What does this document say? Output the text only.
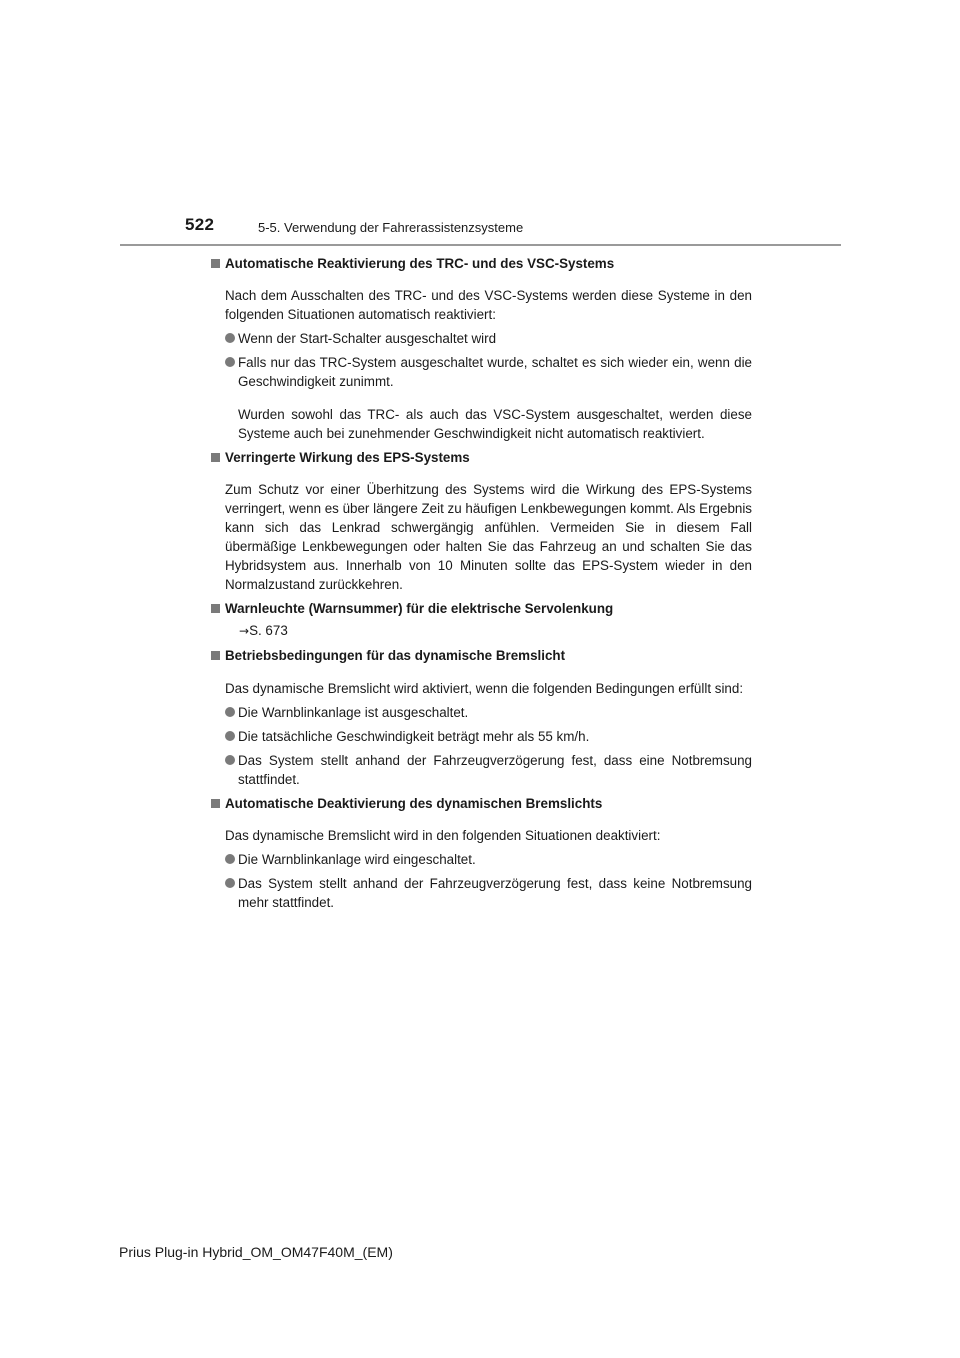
522	5-5. Verwendung der Fahrerassistenzsysteme
Automatische Reaktivierung des TRC- und des VSC-Systems

Nach dem Ausschalten des TRC- und des VSC-Systems werden diese Systeme in den folgenden Situationen automatisch reaktiviert:

Wenn der Start-Schalter ausgeschaltet wird
Falls nur das TRC-System ausgeschaltet wurde, schaltet es sich wieder ein, wenn die Geschwindigkeit zunimmt.

Wurden sowohl das TRC- als auch das VSC-System ausgeschaltet, werden diese Systeme auch bei zunehmender Geschwindigkeit nicht automatisch reaktiviert.

Verringerte Wirkung des EPS-Systems

Zum Schutz vor einer Überhitzung des Systems wird die Wirkung des EPS-Systems verringert, wenn es über längere Zeit zu häufigen Lenkbewegungen kommt. Als Ergebnis kann sich das Lenkrad schwergängig anfühlen. Vermeiden Sie in diesem Fall übermäßige Lenkbewegungen oder halten Sie das Fahrzeug an und schalten Sie das Hybridsystem aus. Innerhalb von 10 Minuten sollte das EPS-System wieder in den Normalzustand zurückkehren.

Warnleuchte (Warnsummer) für die elektrische Servolenkung
→S. 673
Betriebsbedingungen für das dynamische Bremslicht

Das dynamische Bremslicht wird aktiviert, wenn die folgenden Bedingungen erfüllt sind:

Die Warnblinkanlage ist ausgeschaltet.
Die tatsächliche Geschwindigkeit beträgt mehr als 55 km/h.
Das System stellt anhand der Fahrzeugverzögerung fest, dass eine Notbremsung stattfindet.
Automatische Deaktivierung des dynamischen Bremslichts

Das dynamische Bremslicht wird in den folgenden Situationen deaktiviert:

Die Warnblinkanlage wird eingeschaltet.
Das System stellt anhand der Fahrzeugverzögerung fest, dass keine Notbremsung mehr stattfindet.
Prius Plug-in Hybrid_OM_OM47F40M_(EM)
